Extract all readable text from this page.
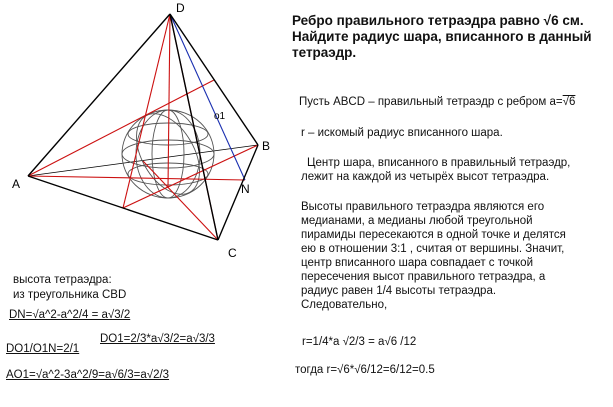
D
A
B
C
N
o1
Ребро правильного тетраэдра равно √6 см.
Найдите радиус шара, вписанного в данный
тетраэдр.
Пусть ABCD – правильный тетраэдр с ребром a=√6
r – искомый радиус вписанного шара.
Центр шара, вписанного в правильный тетраэдр,
лежит на каждой из четырёх высот тетраэдра.
Высоты правильного тетраэдра являются его
медианами, а медианы любой треугольной
пирамиды пересекаются в одной точке и делятся
ею в отношении 3:1 , считая от вершины. Значит,
центр вписанного шара совпадает с точкой
пересечения высот правильного тетраэдра, а
радиус равен 1/4 высоты тетраэдра.
Следовательно,
r=1/4*a √2/3 = a√6 /12
тогда r=√6*√6/12=6/12=0.5
высота тетраэдра:
из треугольника CBD
DN=√a^2-a^2/4 = a√3/2
DO1/O1N=2/1
DO1=2/3*a√3/2=a√3/3
AO1=√a^2-3a^2/9=a√6/3=a√2/3
